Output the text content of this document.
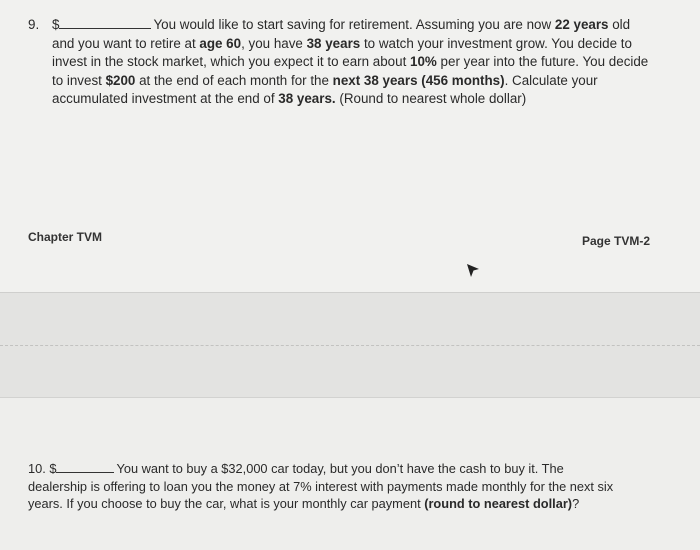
9. $	You would like to start saving for retirement. Assuming you are now 22 years old
and you want to retire at age 60, you have 38 years to watch your investment grow. You decide to
invest in the stock market, which you expect it to earn about 10% per year into the future. You decide
to invest $200 at the end of each month for the next 38 years (456 months). Calculate your
accumulated investment at the end of 38 years. (Round to nearest whole dollar)
Chapter TVM	Page TVM-2
10. $	You want to buy a $32,000 car today, but you don’t have the cash to buy it. The
dealership is offering to loan you the money at 7% interest with payments made monthly for the next six
years. If you choose to buy the car, what is your monthly car payment (round to nearest dollar)?
